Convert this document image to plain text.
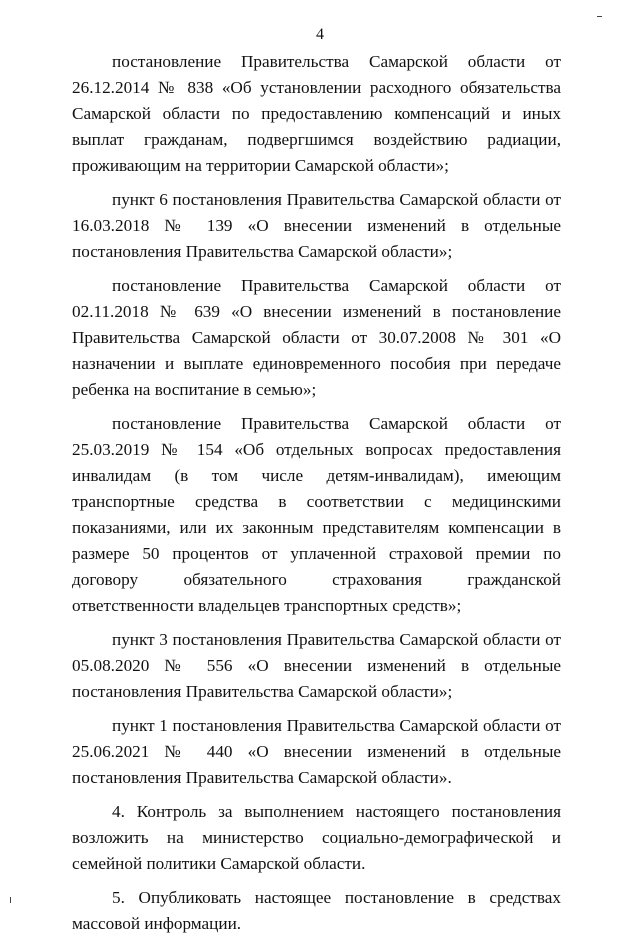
4

постановление Правительства Самарской области от 26.12.2014 № 838 «Об установлении расходного обязательства Самарской области по предоставлению компенсаций и иных выплат гражданам, подвергшимся воздействию радиации, проживающим на территории Самарской области»;

пункт 6 постановления Правительства Самарской области от 16.03.2018 № 139 «О внесении изменений в отдельные постановления Правительства Самарской области»;

постановление Правительства Самарской области от 02.11.2018 № 639 «О внесении изменений в постановление Правительства Самарской области от 30.07.2008 № 301 «О назначении и выплате единовременного пособия при передаче ребенка на воспитание в семью»;

постановление Правительства Самарской области от 25.03.2019 № 154 «Об отдельных вопросах предоставления инвалидам (в том числе детям-инвалидам), имеющим транспортные средства в соответствии с медицинскими показаниями, или их законным представителям компенсации в размере 50 процентов от уплаченной страховой премии по договору обязательного страхования гражданской ответственности владельцев транспортных средств»;

пункт 3 постановления Правительства Самарской области от 05.08.2020 № 556 «О внесении изменений в отдельные постановления Правительства Самарской области»;

пункт 1 постановления Правительства Самарской области от 25.06.2021 № 440 «О внесении изменений в отдельные постановления Правительства Самарской области».

4. Контроль за выполнением настоящего постановления возложить на министерство социально-демографической и семейной политики Самарской области.

5. Опубликовать настоящее постановление в средствах массовой информации.
